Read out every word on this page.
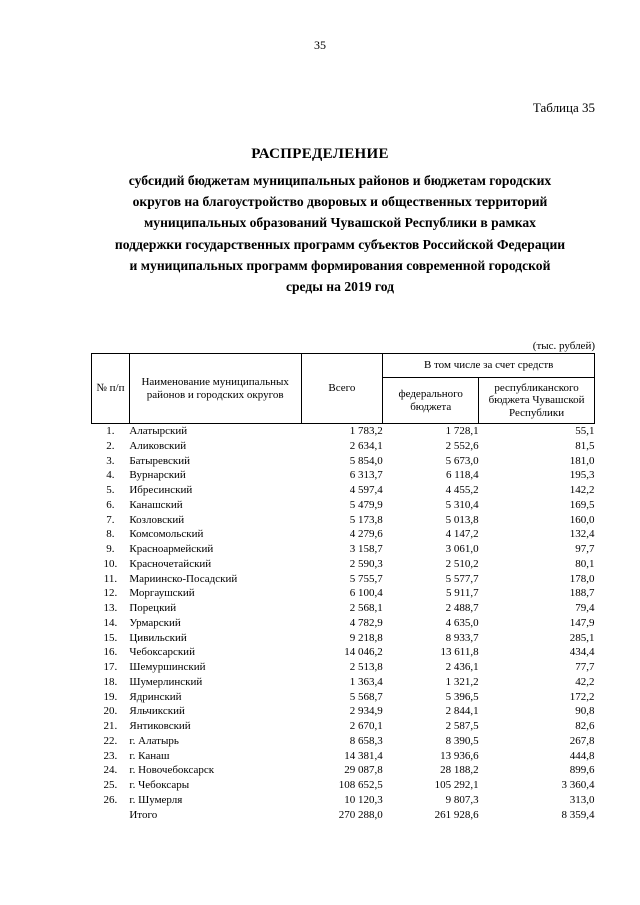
35
Таблица 35
РАСПРЕДЕЛЕНИЕ
субсидий бюджетам муниципальных районов и бюджетам городских
округов на благоустройство дворовых и общественных территорий
муниципальных образований Чувашской Республики в рамках
поддержки государственных программ субъектов Российской Федерации
и муниципальных программ формирования современной городской
среды на 2019 год
(тыс. рублей)
№ п/п	Наименование муниципальных районов и городских округов	Всего	В том числе за счет средств	
			федерального бюджета	республиканского бюджета Чувашской Республики
1.	Алатырский	1 783,2	1 728,1	55,1
2.	Аликовский	2 634,1	2 552,6	81,5
3.	Батыревский	5 854,0	5 673,0	181,0
4.	Вурнарский	6 313,7	6 118,4	195,3
5.	Ибресинский	4 597,4	4 455,2	142,2
6.	Канашский	5 479,9	5 310,4	169,5
7.	Козловский	5 173,8	5 013,8	160,0
8.	Комсомольский	4 279,6	4 147,2	132,4
9.	Красноармейский	3 158,7	3 061,0	97,7
10.	Красночетайский	2 590,3	2 510,2	80,1
11.	Мариинско-Посадский	5 755,7	5 577,7	178,0
12.	Моргаушский	6 100,4	5 911,7	188,7
13.	Порецкий	2 568,1	2 488,7	79,4
14.	Урмарский	4 782,9	4 635,0	147,9
15.	Цивильский	9 218,8	8 933,7	285,1
16.	Чебоксарский	14 046,2	13 611,8	434,4
17.	Шемуршинский	2 513,8	2 436,1	77,7
18.	Шумерлинский	1 363,4	1 321,2	42,2
19.	Ядринский	5 568,7	5 396,5	172,2
20.	Яльчикский	2 934,9	2 844,1	90,8
21.	Янтиковский	2 670,1	2 587,5	82,6
22.	г. Алатырь	8 658,3	8 390,5	267,8
23.	г. Канаш	14 381,4	13 936,6	444,8
24.	г. Новочебоксарск	29 087,8	28 188,2	899,6
25.	г. Чебоксары	108 652,5	105 292,1	3 360,4
26.	г. Шумерля	10 120,3	9 807,3	313,0
	Итого	270 288,0	261 928,6	8 359,4
